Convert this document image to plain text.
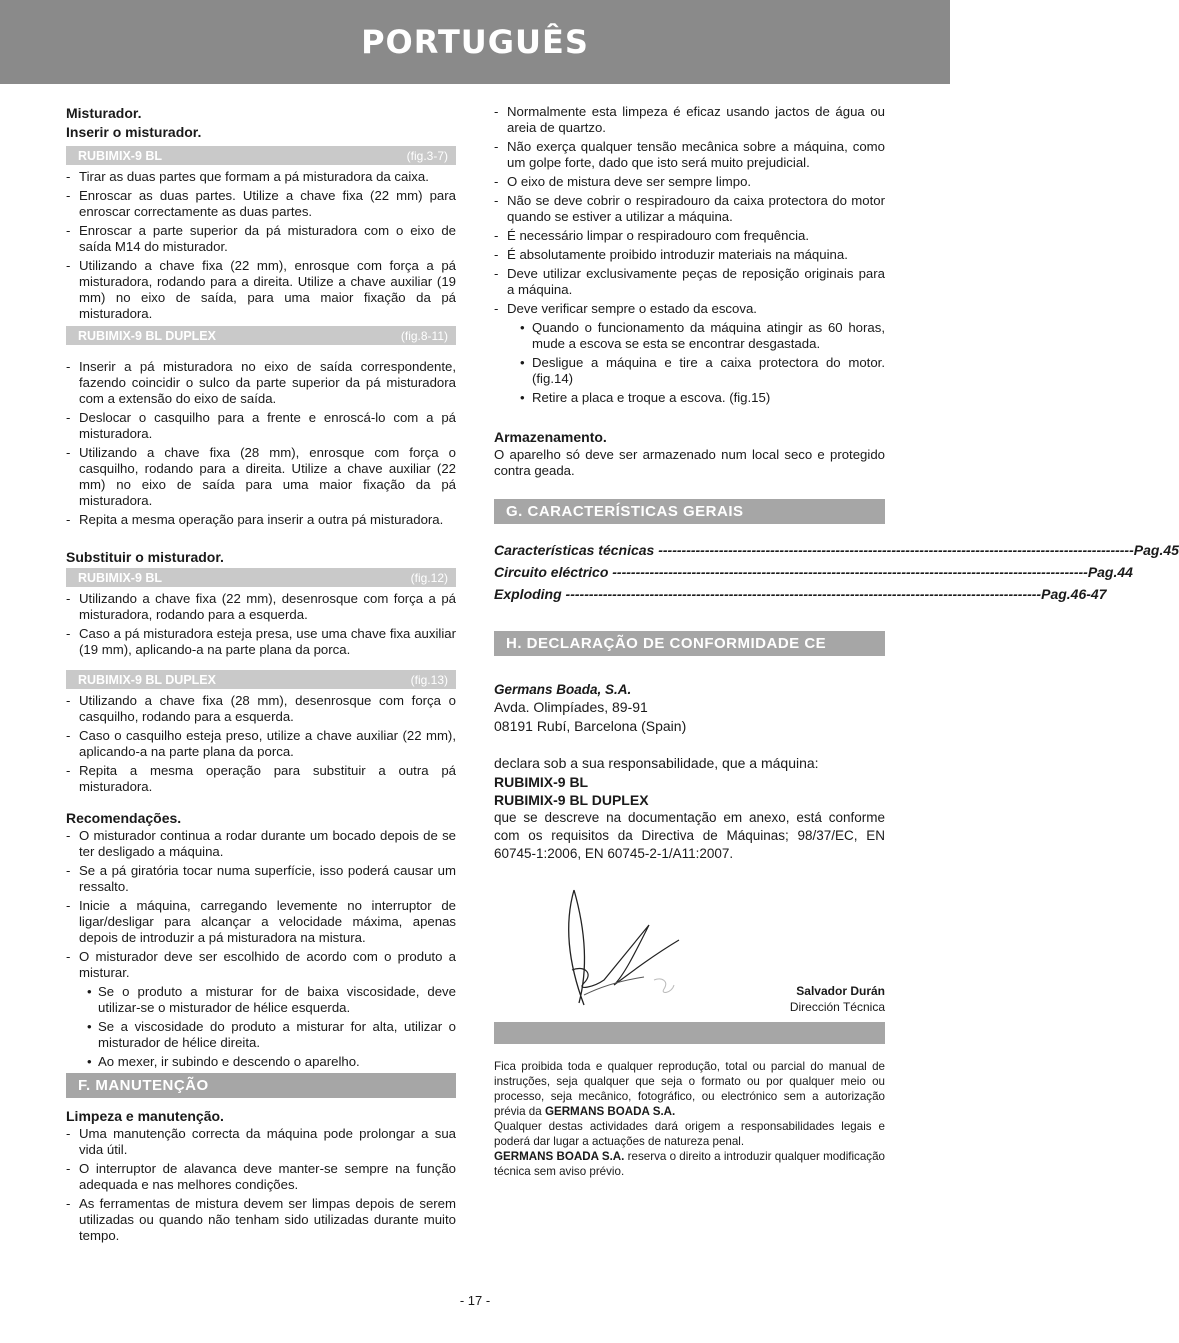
PORTUGUÊS

Misturador.

Inserir o misturador.

RUBIMIX-9 BL	(fig.3-7)
- Tirar as duas partes que formam a pá misturadora da caixa.
- Enroscar as duas partes. Utilize a chave fixa (22 mm) para enroscar correctamente as duas partes.
- Enroscar a parte superior da pá misturadora com o eixo de saída M14 do misturador.
- Utilizando a chave fixa (22 mm), enrosque com força a pá misturadora, rodando para a direita. Utilize a chave auxiliar (19 mm) no eixo de saída, para uma maior fixação da pá misturadora.
RUBIMIX-9 BL DUPLEX	(fig.8-11)
- Inserir a pá misturadora no eixo de saída correspondente, fazendo coincidir o sulco da parte superior da pá misturadora com a extensão do eixo de saída.
- Deslocar o casquilho para a frente e enroscá-lo com a pá misturadora.
- Utilizando a chave fixa (28 mm), enrosque com força o casquilho, rodando para a direita. Utilize a chave auxiliar (22 mm) no eixo de saída para uma maior fixação da pá misturadora.
- Repita a mesma operação para inserir a outra pá misturadora.

Substituir o misturador.

RUBIMIX-9 BL	(fig.12)
- Utilizando a chave fixa (22 mm), desenrosque com força a pá misturadora, rodando para a esquerda.
- Caso a pá misturadora esteja presa, use uma chave fixa auxiliar (19 mm), aplicando-a na parte plana da porca.
RUBIMIX-9 BL DUPLEX	(fig.13)
- Utilizando a chave fixa (28 mm), desenrosque com força o casquilho, rodando para a esquerda.
- Caso o casquilho esteja preso, utilize a chave auxiliar (22 mm), aplicando-a na parte plana da porca.
- Repita a mesma operação para substituir a outra pá misturadora.

Recomendações.

- O misturador continua a rodar durante um bocado depois de se ter desligado a máquina.
- Se a pá giratória tocar numa superfície, isso poderá causar um ressalto.
- Inicie a máquina, carregando levemente no interruptor de ligar/desligar para alcançar a velocidade máxima, apenas depois de introduzir a pá misturadora na mistura.
- O misturador deve ser escolhido de acordo com o produto a misturar.
• Se o produto a misturar for de baixa viscosidade, deve utilizar-se o misturador de hélice esquerda.
• Se a viscosidade do produto a misturar for alta, utilizar o misturador de hélice direita.
• Ao mexer, ir subindo e descendo o aparelho.
F. MANUTENÇÃO

Limpeza e manutenção.

- Uma manutenção correcta da máquina pode prolongar a sua vida útil.
- O interruptor de alavanca deve manter-se sempre na função adequada e nas melhores condições.
- As ferramentas de mistura devem ser limpas depois de serem utilizadas ou quando não tenham sido utilizadas durante muito tempo.
- Normalmente esta limpeza é eficaz usando jactos de água ou areia de quartzo.
- Não exerça qualquer tensão mecânica sobre a máquina, como um golpe forte, dado que isto será muito prejudicial.
- O eixo de mistura deve ser sempre limpo.
- Não se deve cobrir o respiradouro da caixa protectora do motor quando se estiver a utilizar a máquina.
- É necessário limpar o respiradouro com frequência.
- É absolutamente proibido introduzir materiais na máquina.
- Deve utilizar exclusivamente peças de reposição originais para a máquina.
- Deve verificar sempre o estado da escova.
• Quando o funcionamento da máquina atingir as 60 horas, mude a escova se esta se encontrar desgastada.
• Desligue a máquina e tire a caixa protectora do motor. (fig.14)
• Retire a placa e troque a escova. (fig.15)

Armazenamento.

O aparelho só deve ser armazenado num local seco e protegido contra geada.

G. CARACTERÍSTICAS GERAIS
Características técnicas ------------------------------------------------------------------------------------------------------ Pag.45
Circuito eléctrico ------------------------------------------------------------------------------------------------------ Pag.44
Exploding ------------------------------------------------------------------------------------------------------ Pag.46-47
H. DECLARAÇÃO DE CONFORMIDADE CE
Germans Boada, S.A.
Avda. Olimpíades, 89-91
08191 Rubí, Barcelona (Spain)
declara sob a sua responsabilidade, que a máquina:
RUBIMIX-9 BL
RUBIMIX-9 BL DUPLEX

que se descreve na documentação em anexo, está conforme com os requisitos da Directiva de Máquinas; 98/37/EC, EN 60745-1:2006, EN 60745-2-1/A11:2007.

Salvador Durán
Dirección Técnica

Fica proibida toda e qualquer reprodução, total ou parcial do manual de instruções, seja qualquer que seja o formato ou por qualquer meio ou processo, seja mecânico, fotográfico, ou electrónico sem a autorização prévia da GERMANS BOADA S.A.

Qualquer destas actividades dará origem a responsabilidades legais e poderá dar lugar a actuações de natureza penal.

GERMANS BOADA S.A. reserva o direito a introduzir qualquer modificação técnica sem aviso prévio.

- 17 -
